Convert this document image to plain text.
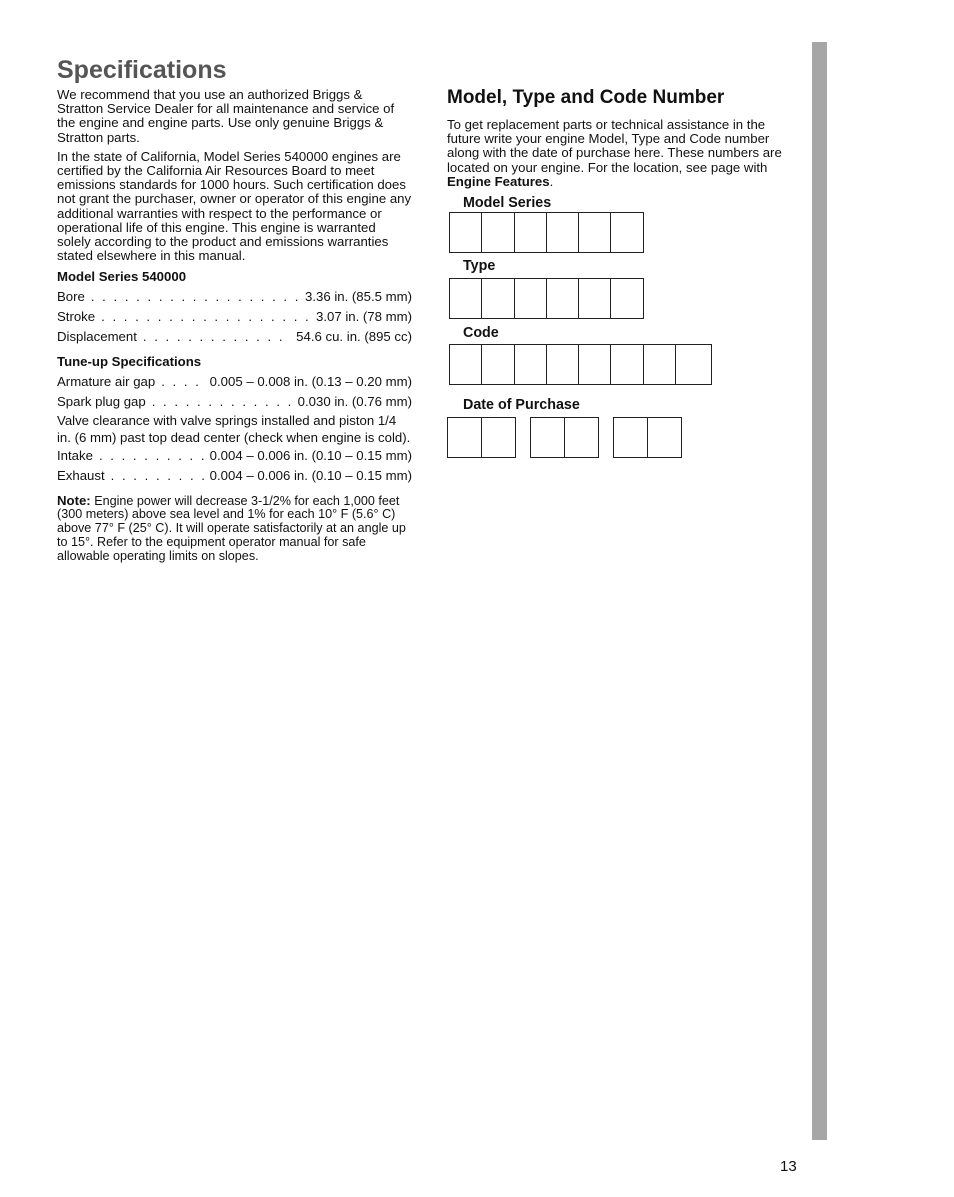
Specifications

We recommend that you use an authorized Briggs & Stratton Service Dealer for all maintenance and service of the engine and engine parts. Use only genuine Briggs & Stratton parts.

In the state of California, Model Series 540000 engines are certified by the California Air Resources Board to meet emissions standards for 1000 hours. Such certification does not grant the purchaser, owner or operator of this engine any additional warranties with respect to the performance or operational life of this engine. This engine is warranted solely according to the product and emissions warranties stated elsewhere in this manual.

Model Series 540000

Bore . . .	3.36 in. (85.5 mm)
Stroke . . .	3.07 in. (78 mm)
Displacement . . .	54.6 cu. in. (895 cc)

Tune-up Specifications

Armature air gap . . .	0.005 – 0.008 in. (0.13 – 0.20 mm)
Spark plug gap . . .	0.030 in. (0.76 mm)

Valve clearance with valve springs installed and piston 1/4 in. (6 mm) past top dead center (check when engine is cold).

Intake . . .	0.004 – 0.006 in. (0.10 – 0.15 mm)
Exhaust . . .	0.004 – 0.006 in. (0.10 – 0.15 mm)

Note: Engine power will decrease 3-1/2% for each 1,000 feet (300 meters) above sea level and 1% for each 10° F (5.6° C) above 77° F (25° C). It will operate satisfactorily at an angle up to 15°. Refer to the equipment operator manual for safe allowable operating limits on slopes.

Model, Type and Code Number

To get replacement parts or technical assistance in the future write your engine Model, Type and Code number along with the date of purchase here. These numbers are located on your engine. For the location, see page with Engine Features.

Model Series
Type
Code
Date of Purchase
13
